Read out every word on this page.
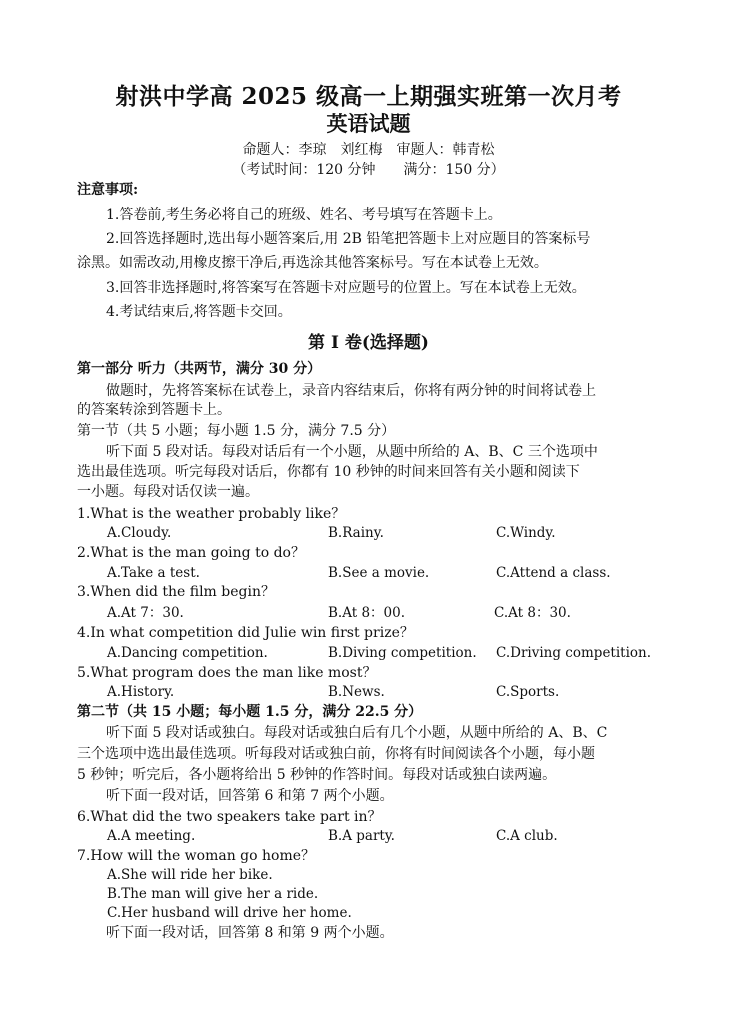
射洪中学高 2025 级高一上期强实班第一次月考
英语试题
命题人：李琼　刘红梅　审题人：韩青松
（考试时间：120 分钟　　满分：150 分）
注意事项:
1.答卷前,考生务必将自己的班级、姓名、考号填写在答题卡上。
2.回答选择题时,选出每小题答案后,用 2B 铅笔把答题卡上对应题目的答案标号
涂黑。如需改动,用橡皮擦干净后,再选涂其他答案标号。写在本试卷上无效。
3.回答非选择题时,将答案写在答题卡对应题号的位置上。写在本试卷上无效。
4.考试结束后,将答题卡交回。
第 I 卷(选择题)
第一部分 听力（共两节，满分 30 分）
做题时，先将答案标在试卷上，录音内容结束后，你将有两分钟的时间将试卷上
的答案转涂到答题卡上。
第一节（共 5 小题；每小题 1.5 分，满分 7.5 分）
听下面 5 段对话。每段对话后有一个小题，从题中所给的 A、B、C 三个选项中
选出最佳选项。听完每段对话后，你都有 10 秒钟的时间来回答有关小题和阅读下
一小题。每段对话仅读一遍。
1.What is the weather probably like？
A.Cloudy.	B.Rainy.	C.Windy.
2.What is the man going to do？
A.Take a test.	B.See a movie.	C.Attend a class.
3.When did the film begin？
A.At 7：30.	B.At 8：00.	C.At 8：30.
4.In what competition did Julie win first prize？
A.Dancing competition.	B.Diving competition. C.Driving competition.
5.What program does the man like most？
A.History.	B.News.	C.Sports.
第二节（共 15 小题；每小题 1.5 分，满分 22.5 分）
听下面 5 段对话或独白。每段对话或独白后有几个小题，从题中所给的 A、B、C
三个选项中选出最佳选项。听每段对话或独白前，你将有时间阅读各个小题，每小题
5 秒钟；听完后，各小题将给出 5 秒钟的作答时间。每段对话或独白读两遍。
听下面一段对话，回答第 6 和第 7 两个小题。
6.What did the two speakers take part in？
A.A meeting.	B.A party.	C.A club.
7.How will the woman go home？
A.She will ride her bike.
B.The man will give her a ride.
C.Her husband will drive her home.
听下面一段对话，回答第 8 和第 9 两个小题。
